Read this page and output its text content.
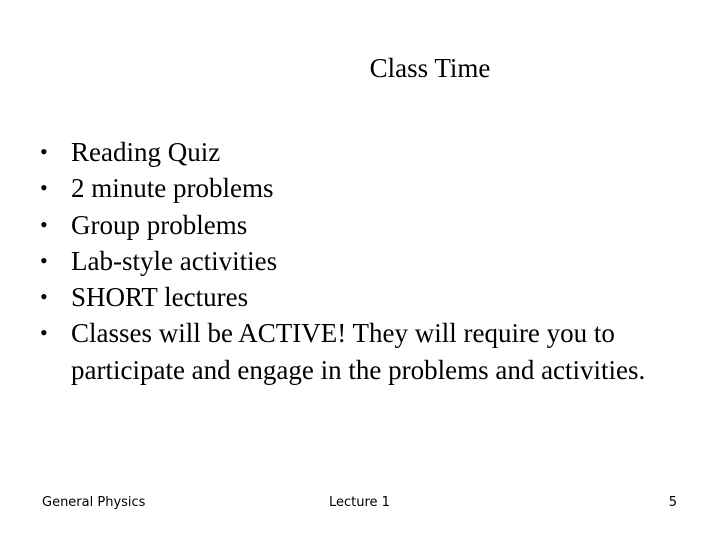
Class Time
• Reading Quiz
• 2 minute problems
• Group problems
• Lab-style activities
• SHORT lectures
• Classes will be ACTIVE! They will require you to participate and engage in the problems and activities.
General Physics	Lecture 1	5
